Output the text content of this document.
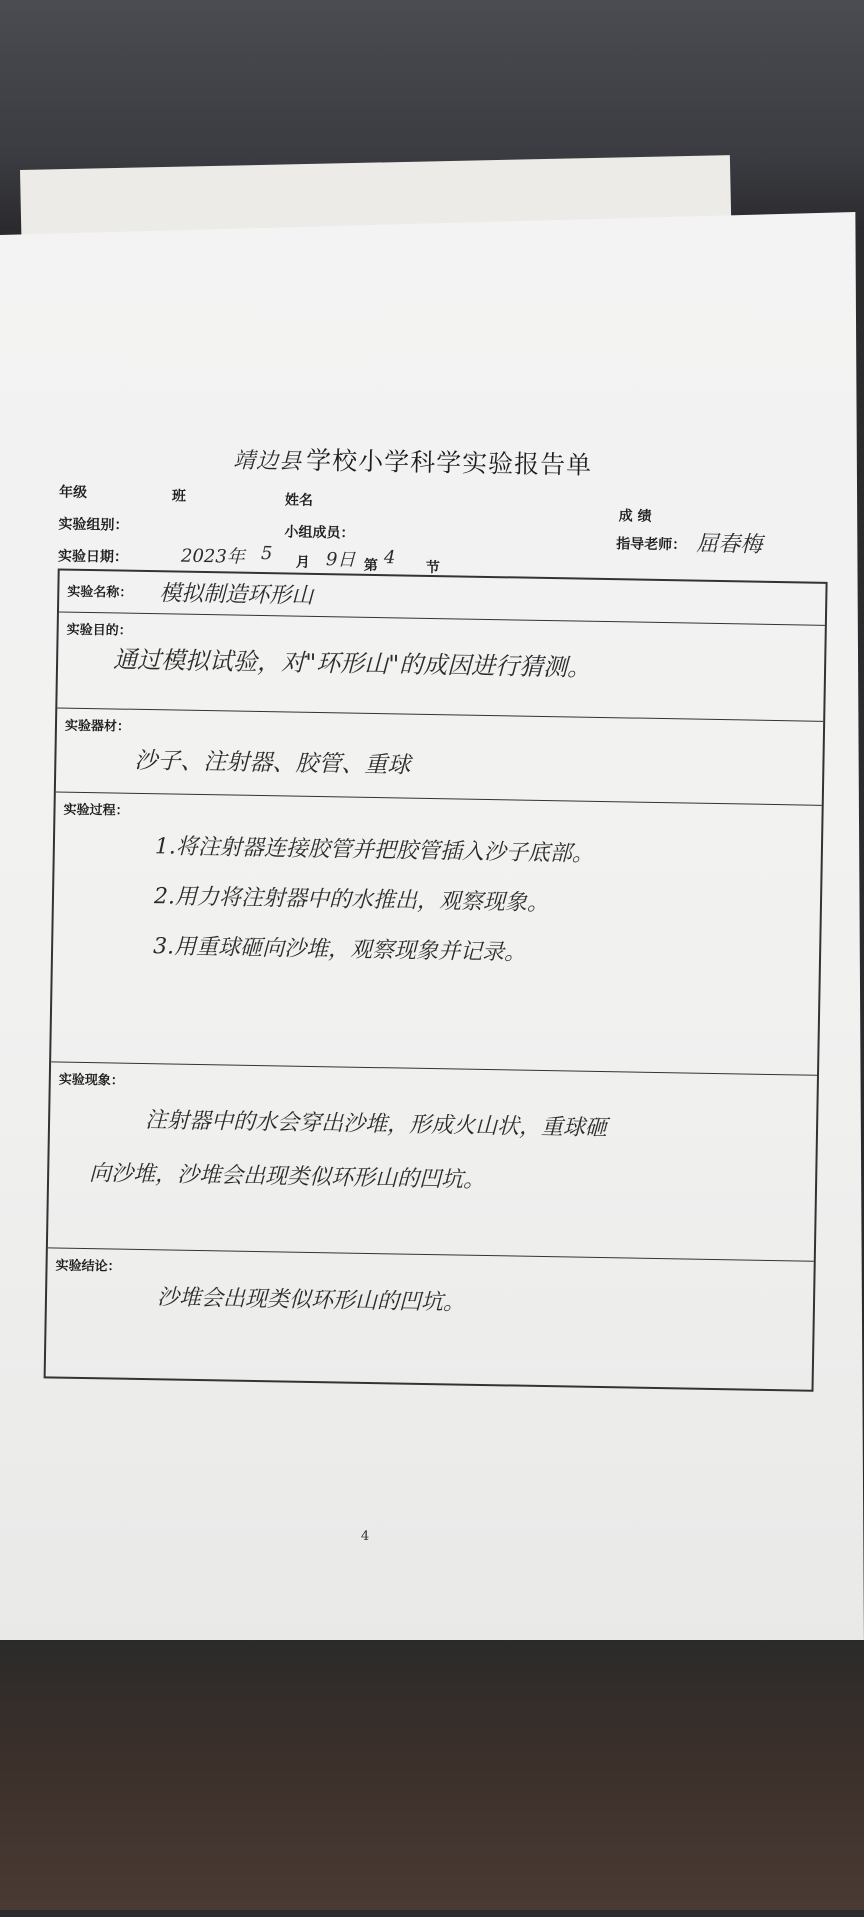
靖边县 学校小学科学实验报告单
年级	班	姓名
成 绩
实验组别：	小组成员：
指导老师： 屈春梅
实验日期：	2023年 5 月 9日 第 4 节
实验名称： 模拟制造环形山
实验目的：
通过模拟试验，对"环形山"的成因进行猜测。
实验器材：
沙子、注射器、胶管、重球
实验过程：
1.将注射器连接胶管并把胶管插入沙子底部。
2.用力将注射器中的水推出，观察现象。
3.用重球砸向沙堆，观察现象并记录。
实验现象：
注射器中的水会穿出沙堆，形成火山状，重球砸
向沙堆，沙堆会出现类似环形山的凹坑。
实验结论：
沙堆会出现类似环形山的凹坑。
4
